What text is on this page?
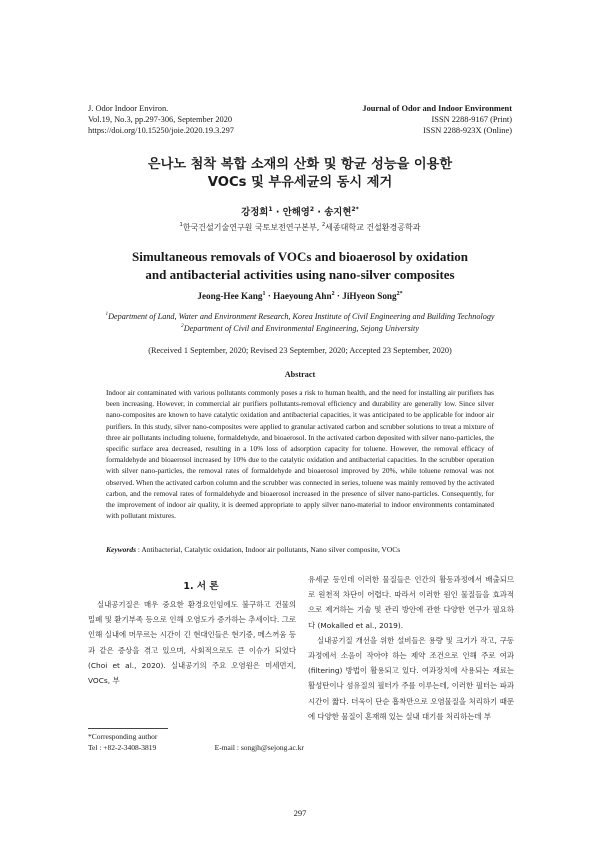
J. Odor Indoor Environ.
Vol.19, No.3, pp.297-306, September 2020
https://doi.org/10.15250/joie.2020.19.3.297
Journal of Odor and Indoor Environment
ISSN 2288-9167 (Print)
ISSN 2288-923X (Online)
은나노 첨착 복합 소재의 산화 및 항균 성능을 이용한
VOCs 및 부유세균의 동시 제거
강정희$^1$ · 안해영$^2$ · 송지현$^{2*}$
$^1$한국건설기술연구원 국토보전연구본부, $^2$세종대학교 건설환경공학과
Simultaneous removals of VOCs and bioaerosol by oxidation
and antibacterial activities using nano-silver composites
Jeong-Hee Kang$^1$ · Haeyoung Ahn$^2$ · JiHyeon Song$^{2*}$
$^1$Department of Land, Water and Environment Research, Korea Institute of Civil Engineering and Building Technology
$^2$Department of Civil and Environmental Engineering, Sejong University
(Received 1 September, 2020; Revised 23 September, 2020; Accepted 23 September, 2020)
Abstract
Indoor air contaminated with various pollutants commonly poses a risk to human health, and the need for installing air purifiers has been increasing. However, in commercial air purifiers pollutants-removal efficiency and durability are generally low. Since silver nano-composites are known to have catalytic oxidation and antibacterial capacities, it was anticipated to be applicable for indoor air purifiers. In this study, silver nano-composites were applied to granular activated carbon and scrubber solutions to treat a mixture of three air pollutants including toluene, formaldehyde, and bioaerosol. In the activated carbon deposited with silver nano-particles, the specific surface area decreased, resulting in a 10% loss of adsorption capacity for toluene. However, the removal efficacy of formaldehyde and bioaerosol increased by 10% due to the catalytic oxidation and antibacterial capacities. In the scrubber operation with silver nano-particles, the removal rates of formaldehyde and bioaerosol improved by 20%, while toluene removal was not observed. When the activated carbon column and the scrubber was connected in series, toluene was mainly removed by the activated carbon, and the removal rates of formaldehyde and bioaerosol increased in the presence of silver nano-particles. Consequently, for the improvement of indoor air quality, it is deemed appropriate to apply silver nano-material to indoor environments contaminated with pollutant mixtures.
Keywords : Antibacterial, Catalytic oxidation, Indoor air pollutants, Nano silver composite, VOCs
1. 서 론

실내공기질은 매우 중요한 환경요인임에도 불구하고 건물의 밀폐 및 환기부족 등으로 인해 오염도가 증가하는 추세이다. 그로 인해 실내에 머무르는 시간이 긴 현대인들은 현기증, 메스꺼움 등과 같은 증상을 겪고 있으며, 사회적으로도 큰 이슈가 되었다(Choi et al., 2020). 실내공기의 주요 오염원은 미세먼지, VOCs, 부

유세균 등인데 이러한 물질들은 인간의 활동과정에서 배출되므로 원천적 차단이 어렵다. 따라서 이러한 원인 물질들을 효과적으로 제거하는 기술 및 관리 방안에 관한 다양한 연구가 필요하다 (Mokalled et al., 2019).

실내공기질 개선을 위한 설비들은 용량 및 크기가 작고, 구동 과정에서 소음이 작아야 하는 제약 조건으로 인해 주로 여과(filtering) 방법이 활용되고 있다. 여과장치에 사용되는 재료는 활성탄이나 섬유질의 필터가 주를 이루는데, 이러한 필터는 파과시간이 짧다. 더욱이 단순 흡착만으로 오염물질을 처리하기 때문에 다양한 물질이 혼재해 있는 실내 대기를 처리하는데 부

*Corresponding author
Tel : +82-2-3408-3819	E-mail : songjh@sejong.ac.kr
297
